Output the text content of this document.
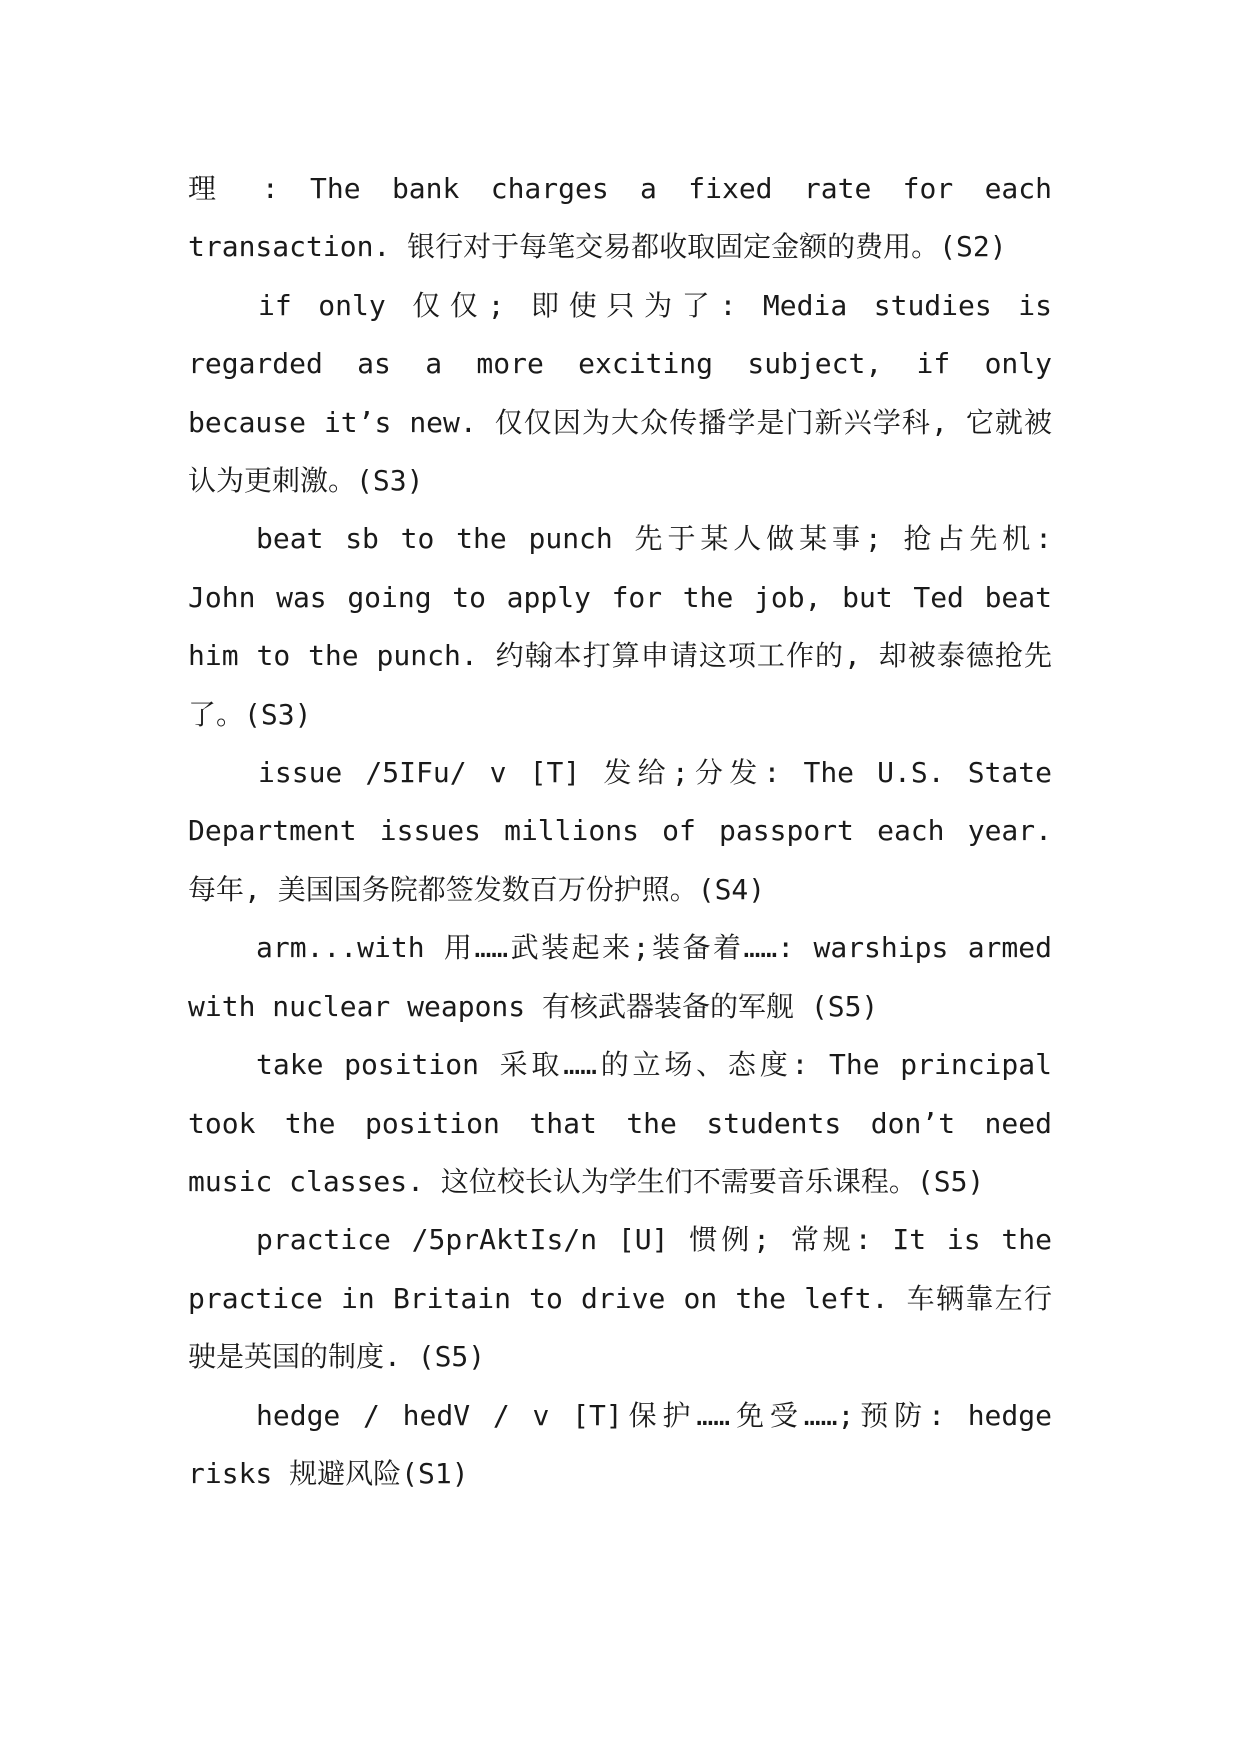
理 : The bank charges a fixed rate for each transaction. 银行对于每笔交易都收取固定金额的费用。(S2)

if only 仅仅; 即使只为了: Media studies is regarded as a more exciting subject, if only because it’s new. 仅仅因为大众传播学是门新兴学科, 它就被认为更刺激。(S3)

beat sb to the punch 先于某人做某事; 抢占先机: John was going to apply for the job, but Ted beat him to the punch. 约翰本打算申请这项工作的, 却被泰德抢先了。(S3)

issue /5IFu/ v [T] 发给;分发: The U.S. State Department issues millions of passport each year. 每年, 美国国务院都签发数百万份护照。(S4)

arm...with 用……武装起来;装备着……: warships armed with nuclear weapons 有核武器装备的军舰 (S5)

take position 采取……的立场、态度: The principal took the position that the students don’t need music classes. 这位校长认为学生们不需要音乐课程。(S5)

practice /5prAktIs/n [U] 惯例; 常规: It is the practice in Britain to drive on the left. 车辆靠左行驶是英国的制度. (S5)

hedge / hedV / v [T]保护……免受……;预防: hedge risks 规避风险(S1)
